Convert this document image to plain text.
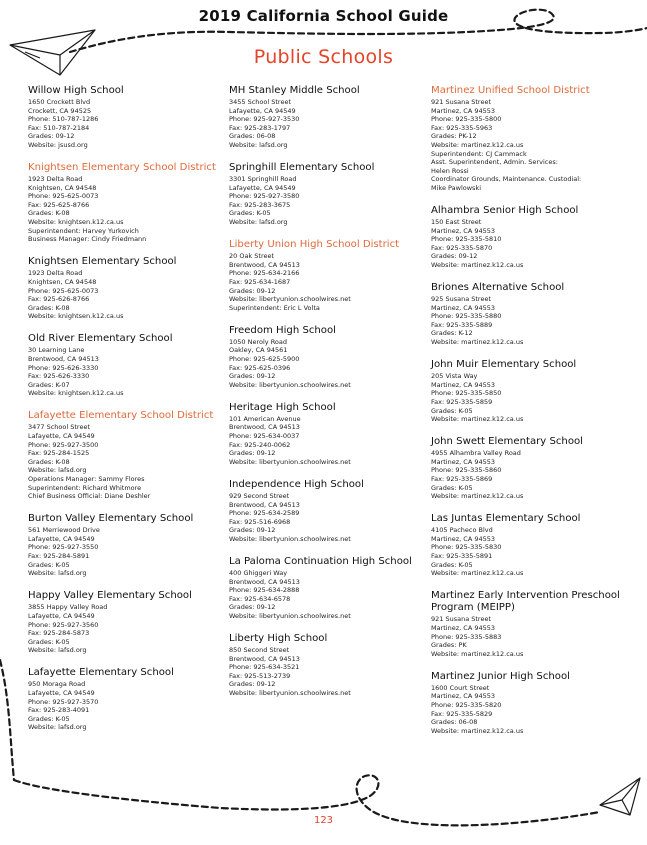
2019 California School Guide
Public Schools
Willow High School
1650 Crockett Blvd
Crockett, CA 94525
Phone: 510-787-1286
Fax: 510-787-2184
Grades: 09-12
Website: jsusd.org
Knightsen Elementary School District
1923 Delta Road
Knightsen, CA 94548
Phone: 925-625-0073
Fax: 925-625-8766
Grades: K-08
Website: knightsen.k12.ca.us
Superintendent: Harvey Yurkovich
Business Manager: Cindy Friedmann
Knightsen Elementary School
1923 Delta Road
Knightsen, CA 94548
Phone: 925-625-0073
Fax: 925-626-8766
Grades: K-08
Website: knightsen.k12.ca.us
Old River Elementary School
30 Learning Lane
Brentwood, CA 94513
Phone: 925-626-3330
Fax: 925-626-3330
Grades: K-07
Website: knightsen.k12.ca.us
Lafayette Elementary School District
3477 School Street
Lafayette, CA 94549
Phone: 925-927-3500
Fax: 925-284-1525
Grades: K-08
Website: lafsd.org
Operations Manager: Sammy Flores
Superintendent: Richard Whitmore
Chief Business Official: Diane Deshler
Burton Valley Elementary School
561 Merriewood Drive
Lafayette, CA 94549
Phone: 925-927-3550
Fax: 925-284-5891
Grades: K-05
Website: lafsd.org
Happy Valley Elementary School
3855 Happy Valley Road
Lafayette, CA 94549
Phone: 925-927-3560
Fax: 925-284-5873
Grades: K-05
Website: lafsd.org
Lafayette Elementary School
950 Moraga Road
Lafayette, CA 94549
Phone: 925-927-3570
Fax: 925-283-4091
Grades: K-05
Website: lafsd.org
MH Stanley Middle School
3455 School Street
Lafayette, CA 94549
Phone: 925-927-3530
Fax: 925-283-1797
Grades: 06-08
Website: lafsd.org
Springhill Elementary School
3301 Springhill Road
Lafayette, CA 94549
Phone: 925-927-3580
Fax: 925-283-3675
Grades: K-05
Website: lafsd.org
Liberty Union High School District
20 Oak Street
Brentwood, CA 94513
Phone: 925-634-2166
Fax: 925-634-1687
Grades: 09-12
Website: libertyunion.schoolwires.net
Superintendent: Eric L Volta
Freedom High School
1050 Neroly Road
Oakley, CA 94561
Phone: 925-625-5900
Fax: 925-625-0396
Grades: 09-12
Website: libertyunion.schoolwires.net
Heritage High School
101 American Avenue
Brentwood, CA 94513
Phone: 925-634-0037
Fax: 925-240-0062
Grades: 09-12
Website: libertyunion.schoolwires.net
Independence High School
929 Second Street
Brentwood, CA 94513
Phone: 925-634-2589
Fax: 925-516-6968
Grades: 09-12
Website: libertyunion.schoolwires.net
La Paloma Continuation High School
400 Ghiggeri Way
Brentwood, CA 94513
Phone: 925-634-2888
Fax: 925-634-6578
Grades: 09-12
Website: libertyunion.schoolwires.net
Liberty High School
850 Second Street
Brentwood, CA 94513
Phone: 925-634-3521
Fax: 925-513-2739
Grades: 09-12
Website: libertyunion.schoolwires.net
Martinez Unified School District
921 Susana Street
Martinez, CA 94553
Phone: 925-335-5800
Fax: 925-335-5963
Grades: PK-12
Website: martinez.k12.ca.us
Superintendent: CJ Cammack
Asst. Superintendent, Admin. Services:
Helen Rossi
Coordinator Grounds, Maintenance. Custodial:
Mike Pawlowski
Alhambra Senior High School
150 East Street
Martinez, CA 94553
Phone: 925-335-5810
Fax: 925-335-5870
Grades: 09-12
Website: martinez.k12.ca.us
Briones Alternative School
925 Susana Street
Martinez, CA 94553
Phone: 925-335-5880
Fax: 925-335-5889
Grades: K-12
Website: martinez.k12.ca.us
John Muir Elementary School
205 Vista Way
Martinez, CA 94553
Phone: 925-335-5850
Fax: 925-335-5859
Grades: K-05
Website: martinez.k12.ca.us
John Swett Elementary School
4955 Alhambra Valley Road
Martinez, CA 94553
Phone: 925-335-5860
Fax: 925-335-5869
Grades: K-05
Website: martinez.k12.ca.us
Las Juntas Elementary School
4105 Pacheco Blvd
Martinez, CA 94553
Phone: 925-335-5830
Fax: 925-335-5891
Grades: K-05
Website: martinez.k12.ca.us
Martinez Early Intervention Preschool Program (MEIPP)
921 Susana Street
Martinez, CA 94553
Phone: 925-335-5883
Grades: PK
Website: martinez.k12.ca.us
Martinez Junior High School
1600 Court Street
Martinez, CA 94553
Phone: 925-335-5820
Fax: 925-335-5829
Grades: 06-08
Website: martinez.k12.ca.us
123
